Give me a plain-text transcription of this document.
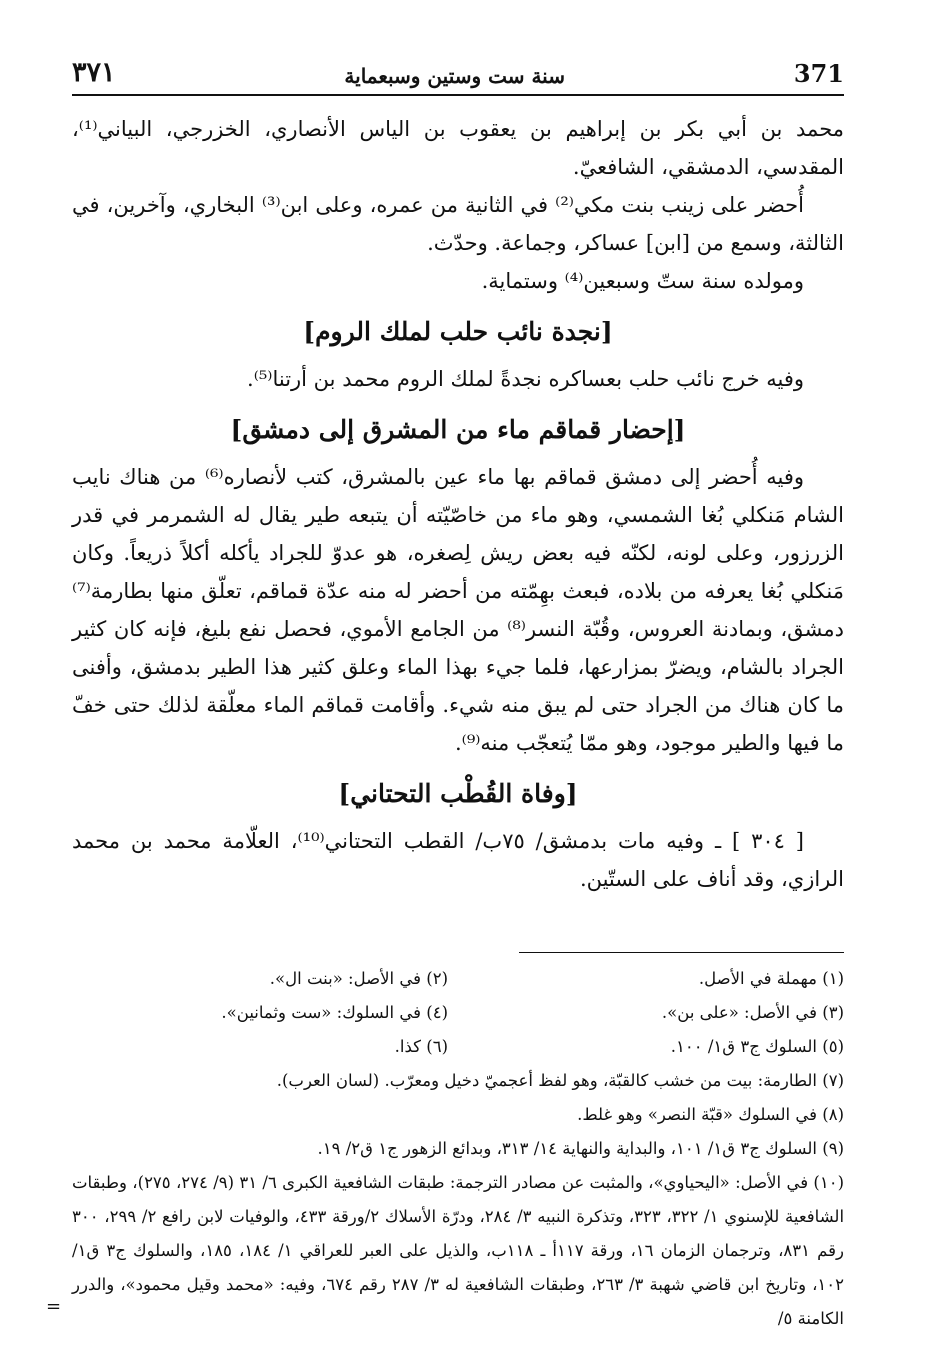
٣٧١	سنة ست وستين وسبعماية	371

محمد بن أبي بكر بن إبراهيم بن يعقوب بن الياس الأنصاري، الخزرجي، البياني⁽¹⁾، المقدسي، الدمشقي، الشافعيّ.

أُحضر على زينب بنت مكي⁽²⁾ في الثانية من عمره، وعلى ابن⁽³⁾ البخاري، وآخرين، في الثالثة، وسمع من [ابن] عساكر، وجماعة. وحدّث.

ومولده سنة ستّ وسبعين⁽⁴⁾ وستماية.

[نجدة نائب حلب لملك الروم]

وفيه خرج نائب حلب بعساكره نجدةً لملك الروم محمد بن أرتنا⁽⁵⁾.

[إحضار قماقم ماء من المشرق إلى دمشق]

وفيه أُحضر إلى دمشق قماقم بها ماء عين بالمشرق، كتب لأنصاره⁽⁶⁾ من هناك نايب الشام مَنكلي بُغا الشمسي، وهو ماء من خاصّيّته أن يتبعه طير يقال له الشمرمر في قدر الزرزور، وعلى لونه، لكنّه فيه بعض ريش لِصغره، هو عدوّ للجراد يأكله أكلاً ذريعاً. وكان مَنكلي بُغا يعرفه من بلاده، فبعث بهِمّته من أحضر له منه عدّة قماقم، تعلّق منها بطارمة⁽⁷⁾ دمشق، وبمادنة العروس، وقُبّة النسر⁽⁸⁾ من الجامع الأموي، فحصل نفع بليغ، فإنه كان كثير الجراد بالشام، ويضرّ بمزارعها، فلما جيء بهذا الماء وعلق كثير هذا الطير بدمشق، وأفنى ما كان هناك من الجراد حتى لم يبق منه شيء. وأقامت قماقم الماء معلّقة لذلك حتى خفّ ما فيها والطير موجود، وهو ممّا يُتعجّب منه⁽⁹⁾.

[وفاة القُطْب التحتاني]

[ ٣٠٤ ] ـ وفيه مات بدمشق/ ٧٥ب/ القطب التحتاني⁽¹⁰⁾، العلّامة محمد بن محمد الرازي، وقد أناف على الستّين.

(١) مهملة في الأصل.

(٢) في الأصل: «بنت ال».

(٣) في الأصل: «على بن».

(٤) في السلوك: «ست وثمانين».

(٥) السلوك ج٣ ق١/ ١٠٠.

(٦) كذا.

(٧) الطارمة: بيت من خشب كالقبّة، وهو لفظ أعجميّ دخيل ومعرّب. (لسان العرب).

(٨) في السلوك «قبّة النصر» وهو غلط.

(٩) السلوك ج٣ ق١/ ١٠١، والبداية والنهاية ١٤/ ٣١٣، وبدائع الزهور ج١ ق٢/ ١٩.

(١٠) في الأصل: «اليحياوي»، والمثبت عن مصادر الترجمة: طبقات الشافعية الكبرى ٦/ ٣١ (٩/ ٢٧٤، ٢٧٥)، وطبقات الشافعية للإسنوي ١/ ٣٢٢، ٣٢٣، وتذكرة النبيه ٣/ ٢٨٤، ودرّة الأسلاك ٢/ورقة ٤٣٣، والوفيات لابن رافع ٢/ ٢٩٩، ٣٠٠ رقم ٨٣١، وترجمان الزمان ١٦، ورقة ١١٧أ ـ ١١٨ب، والذيل على العبر للعراقي ١/ ١٨٤، ١٨٥، والسلوك ج٣ ق١/ ١٠٢، وتاريخ ابن قاضي شهبة ٣/ ٢٦٣، وطبقات الشافعية له ٣/ ٢٨٧ رقم ٦٧٤، وفيه: «محمد وقيل محمود»، والدرر الكامنة ٥/

=
